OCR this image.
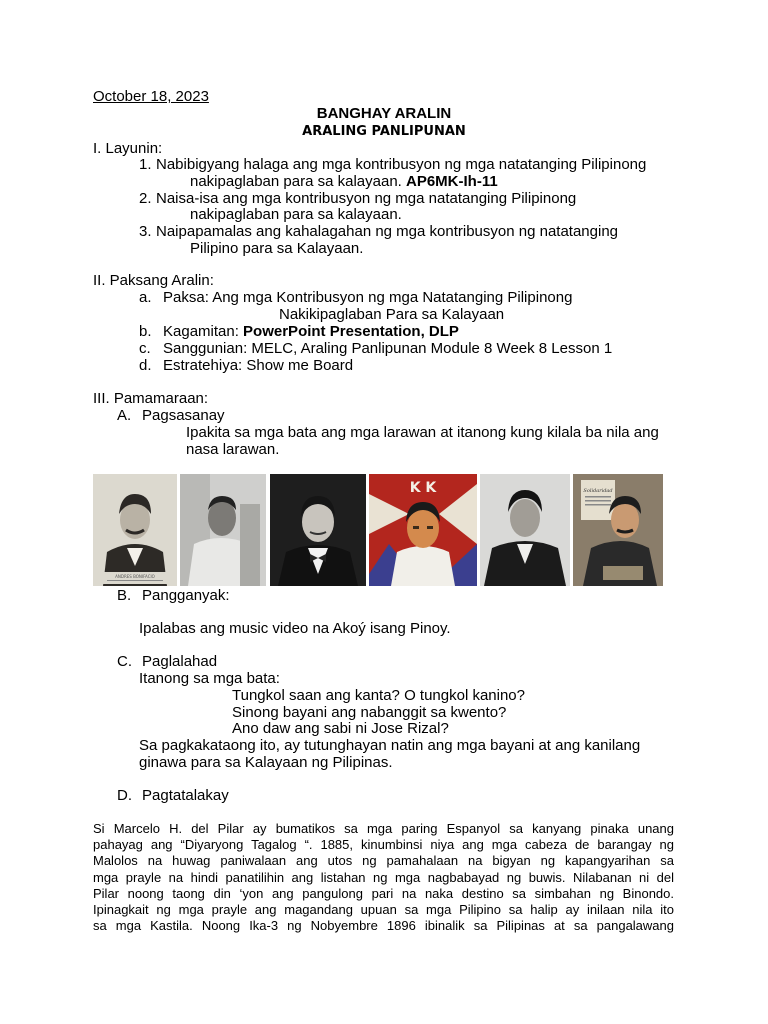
October 18, 2023
BANGHAY ARALIN
ARALING PANLIPUNAN
I. Layunin:
1. Nabibigyang halaga ang mga kontribusyon ng mga natatanging Pilipinong
nakipaglaban para sa kalayaan. AP6MK-Ih-11
2. Naisa-isa ang mga kontribusyon ng mga natatanging Pilipinong
nakipaglaban para sa kalayaan.
3. Naipapamalas ang kahalagahan ng mga kontribusyon ng natatanging
Pilipino para sa Kalayaan.
II. Paksang Aralin:
a. Paksa: Ang mga Kontribusyon ng mga Natatanging Pilipinong
Nakikipaglaban Para sa Kalayaan
b. Kagamitan: PowerPoint Presentation, DLP
c. Sanggunian: MELC, Araling Panlipunan Module 8 Week 8 Lesson 1
d. Estratehiya: Show me Board
III. Pamamaraan:
A. Pagsasanay
Ipakita sa mga bata ang mga larawan at itanong kung kilala ba nila ang
nasa larawan.
ANDRES BONIFACIO
K K	Solidaridad
B. Pangganyak:
Ipalabas ang music video na Akoý isang Pinoy.
C. Paglalahad
Itanong sa mga bata:
Tungkol saan ang kanta? O tungkol kanino?
Sinong bayani ang nabanggit sa kwento?
Ano daw ang sabi ni Jose Rizal?
Sa pagkakataong ito, ay tutunghayan natin ang mga bayani at ang kanilang
ginawa para sa Kalayaan ng Pilipinas.
D. Pagtatalakay
Si Marcelo H. del Pilar ay bumatikos sa mga paring Espanyol sa kanyang pinaka unang
pahayag ang “Diyaryong Tagalog “. 1885, kinumbinsi niya ang mga cabeza de barangay ng
Malolos na huwag paniwalaan ang utos ng pamahalaan na bigyan ng kapangyarihan sa
mga prayle na hindi panatilihin ang listahan ng mga nagbabayad ng buwis. Nilabanan ni del
Pilar noong taong din ‘yon ang pangulong pari na naka destino sa simbahan ng Binondo.
Ipinagkait ng mga prayle ang magandang upuan sa mga Pilipino sa halip ay inilaan nila ito
sa mga Kastila. Noong Ika-3 ng Nobyembre 1896 ibinalik sa Pilipinas at sa pangalawang
